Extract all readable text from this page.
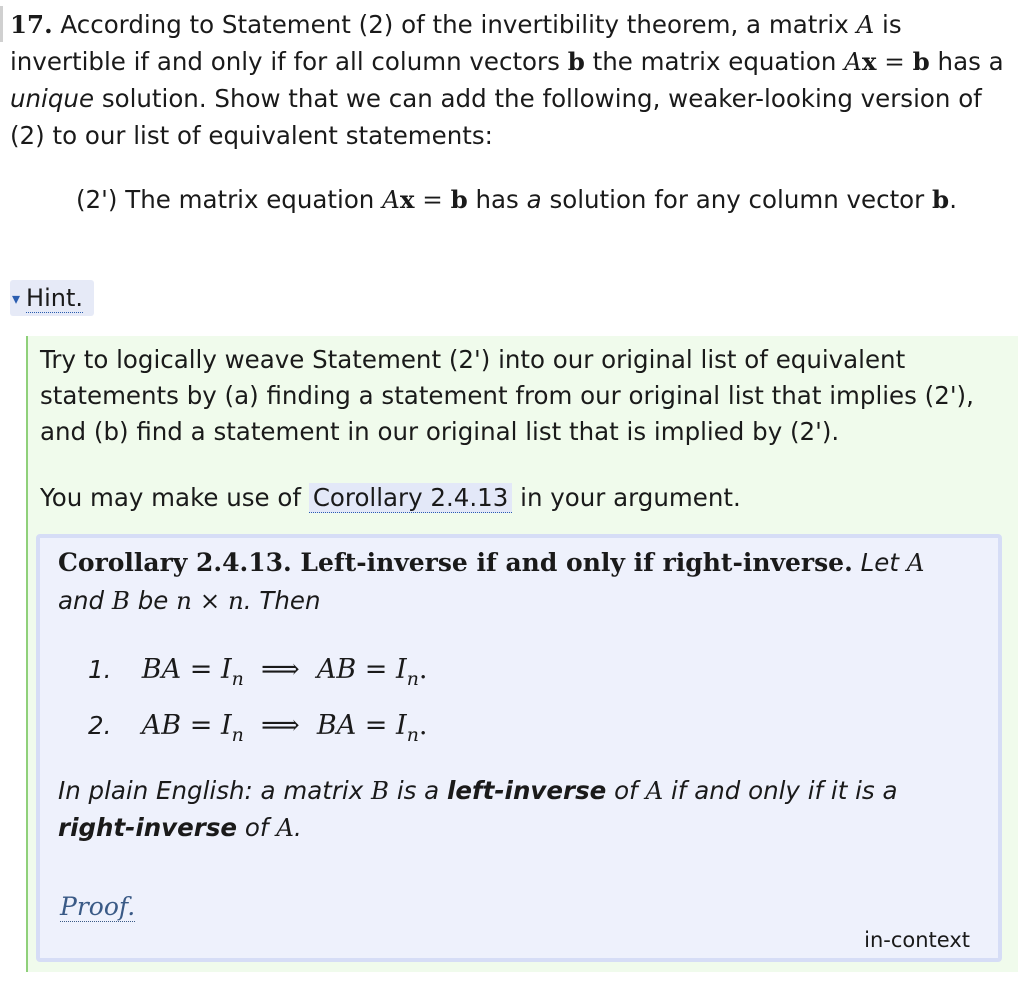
17. According to Statement (2) of the invertibility theorem, a matrix A is invertible if and only if for all column vectors b the matrix equation Ax = b has a unique solution. Show that we can add the following, weaker-looking version of (2) to our list of equivalent statements:
(2') The matrix equation Ax = b has a solution for any column vector b.
▾ Hint.
Try to logically weave Statement (2') into our original list of equivalent statements by (a) finding a statement from our original list that implies (2'), and (b) find a statement in our original list that is implied by (2').
You may make use of Corollary 2.4.13 in your argument.
Corollary 2.4.13. Left-inverse if and only if right-inverse. Let A and B be n × n. Then
1. BA = $I_n$ ⟹ AB = $I_n$.
2. AB = $I_n$ ⟹ BA = $I_n$.
In plain English: a matrix B is a left-inverse of A if and only if it is a right-inverse of A.
Proof.
in-context
